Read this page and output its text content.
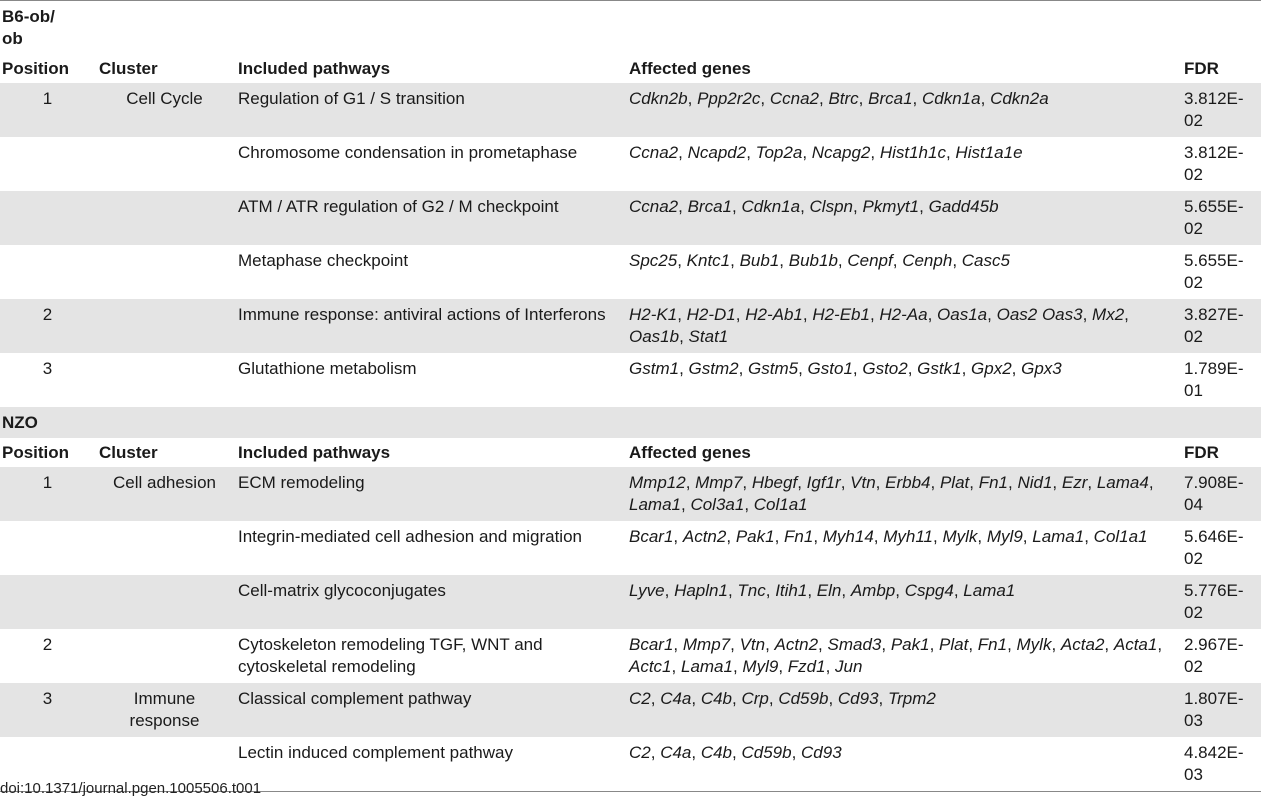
B6-ob/ ob				

Position	Cluster	Included pathways	Affected genes	FDR
1	Cell Cycle	Regulation of G1 / S transition	Cdkn2b, Ppp2r2c, Ccna2, Btrc, Brca1, Cdkn1a, Cdkn2a	3.812E-02
		Chromosome condensation in prometaphase	Ccna2, Ncapd2, Top2a, Ncapg2, Hist1h1c, Hist1a1e	3.812E-02
		ATM / ATR regulation of G2 / M checkpoint	Ccna2, Brca1, Cdkn1a, Clspn, Pkmyt1, Gadd45b	5.655E-02
		Metaphase checkpoint	Spc25, Kntc1, Bub1, Bub1b, Cenpf, Cenph, Casc5	5.655E-02
2		Immune response: antiviral actions of Interferons	H2-K1, H2-D1, H2-Ab1, H2-Eb1, H2-Aa, Oas1a, Oas2 Oas3, Mx2, Oas1b, Stat1	3.827E-02
3		Glutathione metabolism	Gstm1, Gstm2, Gstm5, Gsto1, Gsto2, Gstk1, Gpx2, Gpx3	1.789E-01

NZO				

Position	Cluster	Included pathways	Affected genes	FDR
1	Cell adhesion	ECM remodeling	Mmp12, Mmp7, Hbegf, Igf1r, Vtn, Erbb4, Plat, Fn1, Nid1, Ezr, Lama4, Lama1, Col3a1, Col1a1	7.908E-04
		Integrin-mediated cell adhesion and migration	Bcar1, Actn2, Pak1, Fn1, Myh14, Myh11, Mylk, Myl9, Lama1, Col1a1	5.646E-02
		Cell-matrix glycoconjugates	Lyve, Hapln1, Tnc, Itih1, Eln, Ambp, Cspg4, Lama1	5.776E-02
2		Cytoskeleton remodeling TGF, WNT and cytoskeletal remodeling	Bcar1, Mmp7, Vtn, Actn2, Smad3, Pak1, Plat, Fn1, Mylk, Acta2, Acta1, Actc1, Lama1, Myl9, Fzd1, Jun	2.967E-02
3	Immune response	Classical complement pathway	C2, C4a, C4b, Crp, Cd59b, Cd93, Trpm2	1.807E-03
		Lectin induced complement pathway	C2, C4a, C4b, Cd59b, Cd93	4.842E-03
doi:10.1371/journal.pgen.1005506.t001
